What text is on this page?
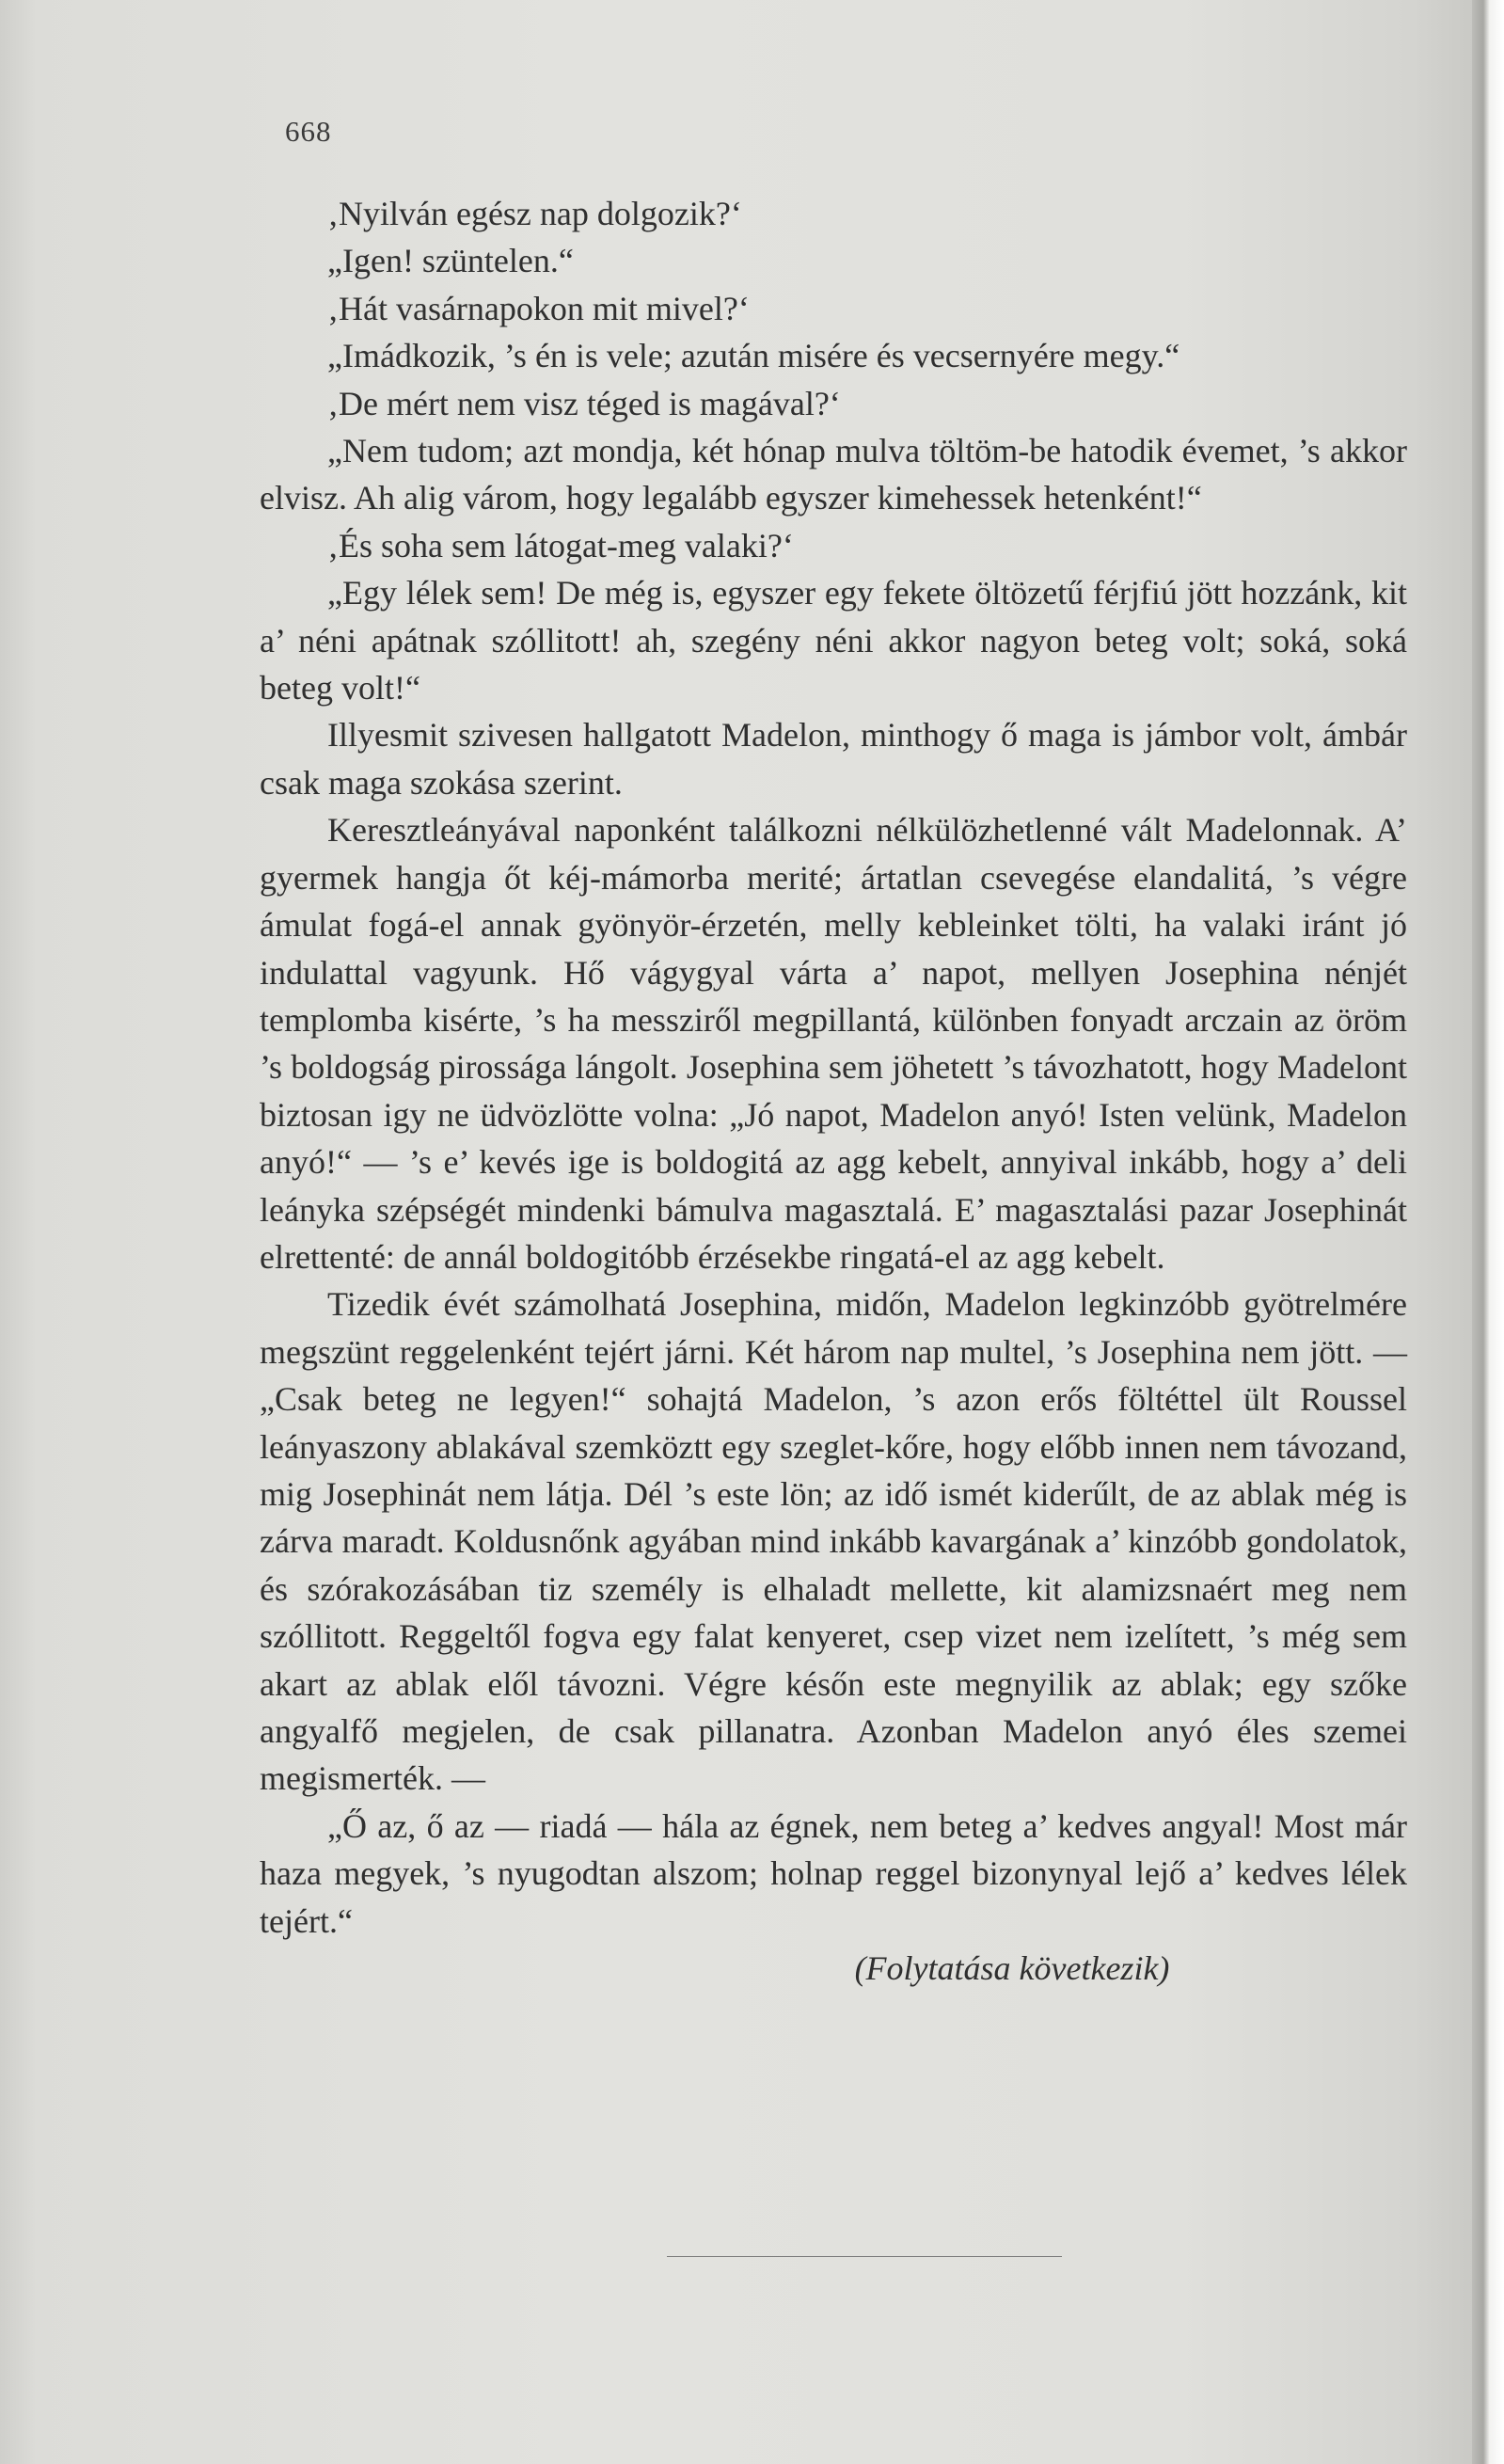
668

‚Nyilván egész nap dolgozik?‘

„Igen! szüntelen.“

‚Hát vasárnapokon mit mivel?‘

„Imádkozik, ’s én is vele; azután misére és vecsernyére megy.“

‚De mért nem visz téged is magával?‘

„Nem tudom; azt mondja, két hónap mulva töltöm-be hatodik évemet, ’s akkor elvisz. Ah alig várom, hogy legalább egyszer kimehessek hetenként!“

‚És soha sem látogat-meg valaki?‘

„Egy lélek sem! De még is, egyszer egy fekete öltözetű férjfiú jött hozzánk, kit a’ néni apátnak szóllitott! ah, szegény néni akkor nagyon beteg volt; soká, soká beteg volt!“

Illyesmit szivesen hallgatott Madelon, minthogy ő maga is jámbor volt, ámbár csak maga szokása szerint.

Keresztleányával naponként találkozni nélkülözhetlenné vált Madelonnak. A’ gyermek hangja őt kéj-mámorba merité; ártatlan csevegése elandalitá, ’s végre ámulat fogá-el annak gyönyör-érzetén, melly kebleinket tölti, ha valaki iránt jó indulattal vagyunk. Hő vágygyal várta a’ napot, mellyen Josephina nénjét templomba kisérte, ’s ha messziről megpillantá, különben fonyadt arczain az öröm ’s boldogság pirossága lángolt. Josephina sem jöhetett ’s távozhatott, hogy Madelont biztosan igy ne üdvözlötte volna: „Jó napot, Madelon anyó! Isten velünk, Madelon anyó!“ — ’s e’ kevés ige is boldogitá az agg kebelt, annyival inkább, hogy a’ deli leányka szépségét mindenki bámulva magasztalá. E’ magasztalási pazar Josephinát elrettenté: de annál boldogitóbb érzésekbe ringatá-el az agg kebelt.

Tizedik évét számolhatá Josephina, midőn, Madelon legkinzóbb gyötrelmére megszünt reggelenként tejért járni. Két három nap multel, ’s Josephina nem jött. — „Csak beteg ne legyen!“ sohajtá Madelon, ’s azon erős föltéttel ült Roussel leányaszony ablakával szemköztt egy szeglet-kőre, hogy előbb innen nem távozand, mig Josephinát nem látja. Dél ’s este lön; az idő ismét kiderűlt, de az ablak még is zárva maradt. Koldusnőnk agyában mind inkább kavargának a’ kinzóbb gondolatok, és szórakozásában tiz személy is elhaladt mellette, kit alamizsnaért meg nem szóllitott. Reggeltől fogva egy falat kenyeret, csep vizet nem izelített, ’s még sem akart az ablak elől távozni. Végre későn este megnyilik az ablak; egy szőke angyalfő megjelen, de csak pillanatra. Azonban Madelon anyó éles szemei megismerték. —

„Ő az, ő az — riadá — hála az égnek, nem beteg a’ kedves angyal! Most már haza megyek, ’s nyugodtan alszom; holnap reggel bizonynyal lejő a’ kedves lélek tejért.“

(Folytatása következik)
